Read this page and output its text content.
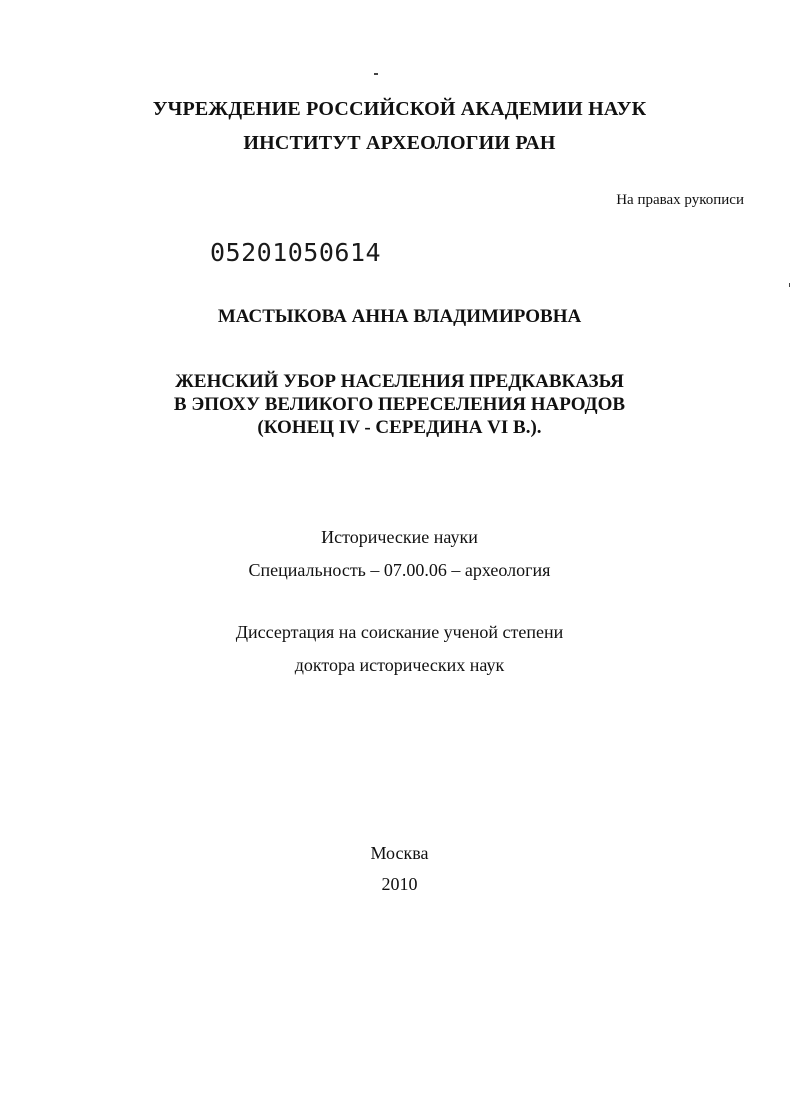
УЧРЕЖДЕНИЕ РОССИЙСКОЙ АКАДЕМИИ НАУК
ИНСТИТУТ АРХЕОЛОГИИ РАН
На правах рукописи
05201050614
МАСТЫКОВА АННА ВЛАДИМИРОВНА
ЖЕНСКИЙ УБОР НАСЕЛЕНИЯ ПРЕДКАВКАЗЬЯ
В ЭПОХУ ВЕЛИКОГО ПЕРЕСЕЛЕНИЯ НАРОДОВ
(КОНЕЦ IV - СЕРЕДИНА VI В.).
Исторические науки
Специальность – 07.00.06 – археология
Диссертация на соискание ученой степени
доктора исторических наук
Москва
2010
